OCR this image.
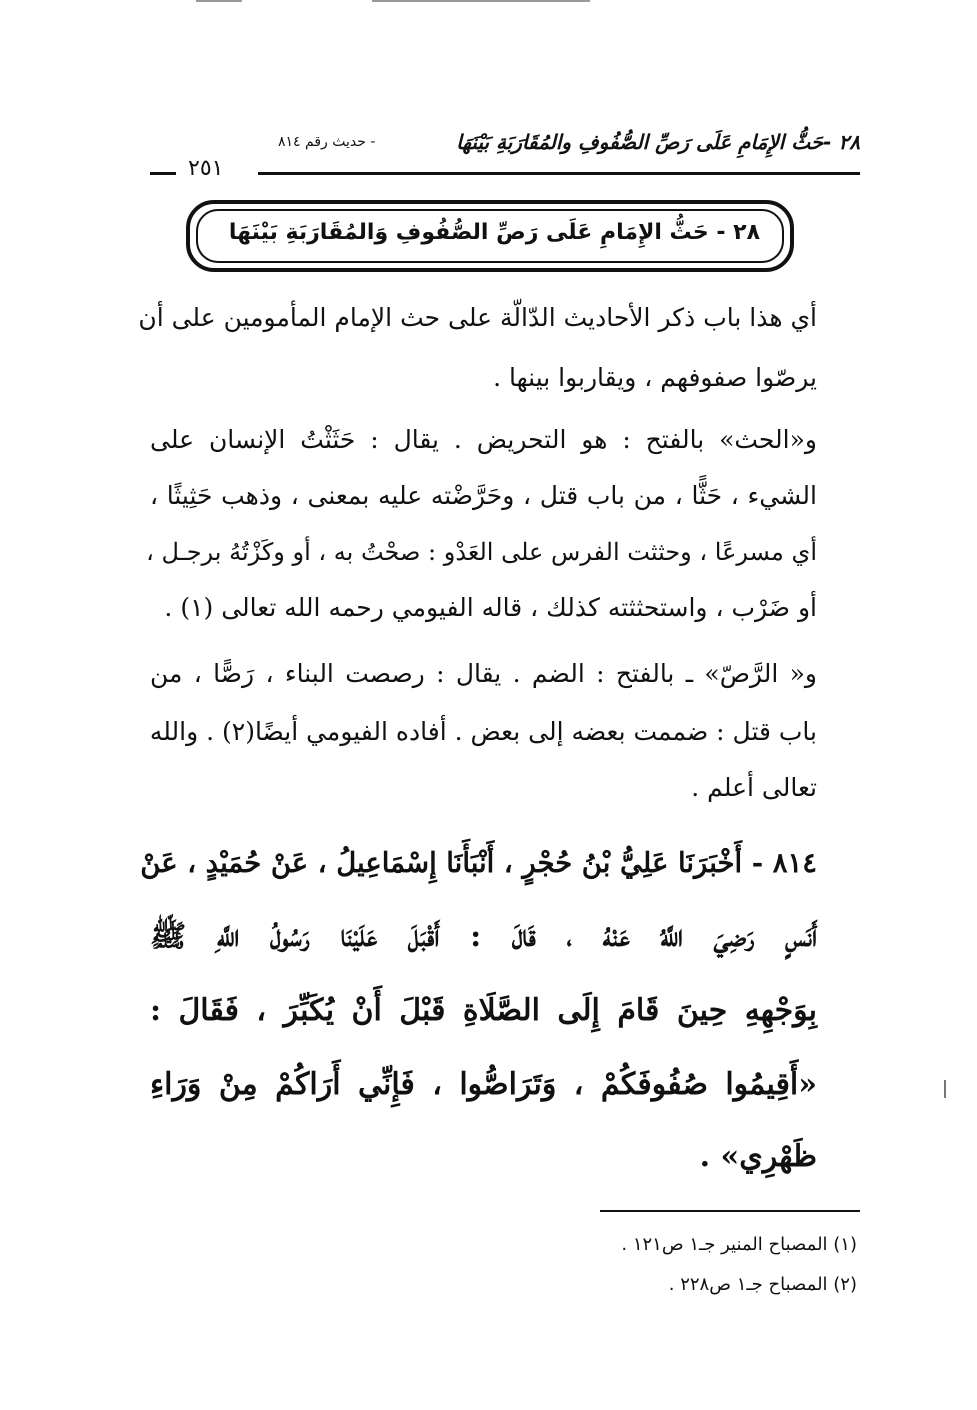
٢٨ -حَثُّ الإِمَامِ عَلَى رَصِّ الصُّفُوفِ والمُقَارَبَةِ بَيْنَهَا
- حديث رقم ٨١٤
٢٥١
٢٨ - حَثُّ الإِمَامِ عَلَى رَصِّ الصُّفُوفِ وَالمُقَارَبَةِ بَيْنَهَا
أي هذا باب ذكر الأحاديث الدّالّة على حث الإمام المأمومين على أن
يرصّوا صفوفهم ، ويقاربوا بينها .
و«الحث» بالفتح : هو التحريض . يقال : حَثَثْتُ الإنسان على
الشيء ، حَثًّا ، من باب قتل ، وحَرَّضْته عليه بمعنى ، وذهب حَثِيثًا ،
أي مسرعًا ، وحثثت الفرس على العَدْو : صحْتُ به ، أو وكَزْتُهُ برجـل ،
أو ضَرْب ، واستحثثته كذلك ، قاله الفيومي رحمه الله تعالى (١) .
و« الرَّصّ» ـ بالفتح : الضم . يقال : رصصت البناء ، رَصًّا ، من
باب قتل : ضممت بعضه إلى بعض . أفاده الفيومي أيضًا(٢) . والله
تعالى أعلم .
٨١٤ - أَخْبَرَنَا عَلِيُّ بْنُ حُجْرٍ ، أَنْبَأَنَا إِسْمَاعِيلُ ، عَنْ حُمَيْدٍ ، عَنْ
أَنَسٍ رَضِيَ اللَّهُ عَنْهُ ، قَالَ : أَقْبَلَ عَلَيْنَا رَسُولُ اللَّهِ ﷺ
بِوَجْهِهِ حِينَ قَامَ إِلَى الصَّلَاةِ قَبْلَ أَنْ يُكَبِّرَ ، فَقَالَ :
«أَقِيمُوا صُفُوفَكُمْ ، وَتَرَاصُّوا ، فَإِنِّي أَرَاكُمْ مِنْ وَرَاءِ
ظَهْرِي» .
(١) المصباح المنير جـ١ ص١٢١ .
(٢) المصباح جـ١ ص٢٢٨ .
